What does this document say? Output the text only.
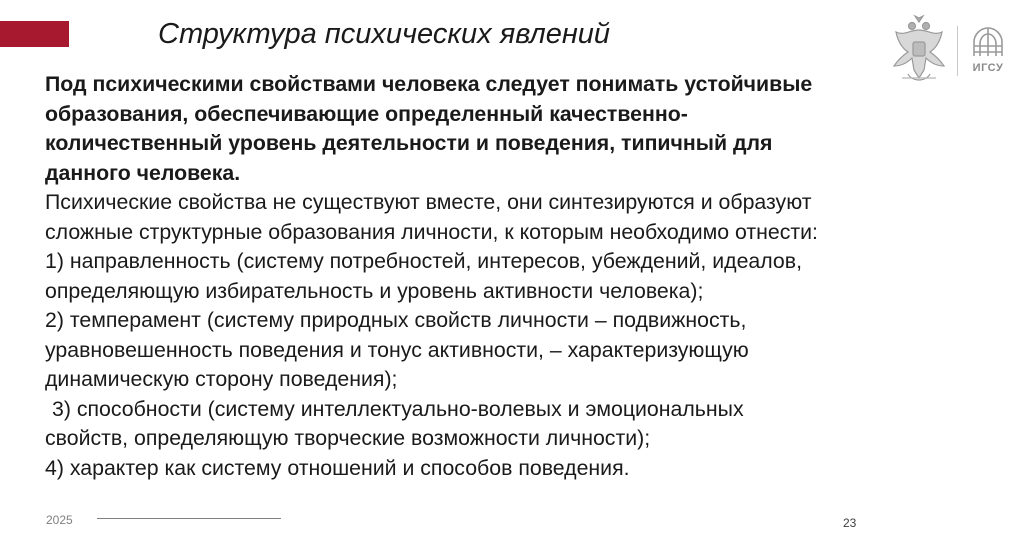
Структура психических явлений
ИГСУ

Под психическими свойствами человека следует понимать устойчивые

образования, обеспечивающие определенный качественно-

количественный уровень деятельности и поведения, типичный для

данного человека.

Психические свойства не существуют вместе, они синтезируются и образуют

сложные структурные образования личности, к которым необходимо отнести:

1) направленность (систему потребностей, интересов, убеждений, идеалов,

определяющую избирательность и уровень активности человека);

2) темперамент (систему природных свойств личности – подвижность,

уравновешенность поведения и тонус активности, – характеризующую

динамическую сторону поведения);

3) способности (систему интеллектуально-волевых и эмоциональных

свойств, определяющую творческие возможности личности);

4) характер как систему отношений и способов поведения.

2025	23
